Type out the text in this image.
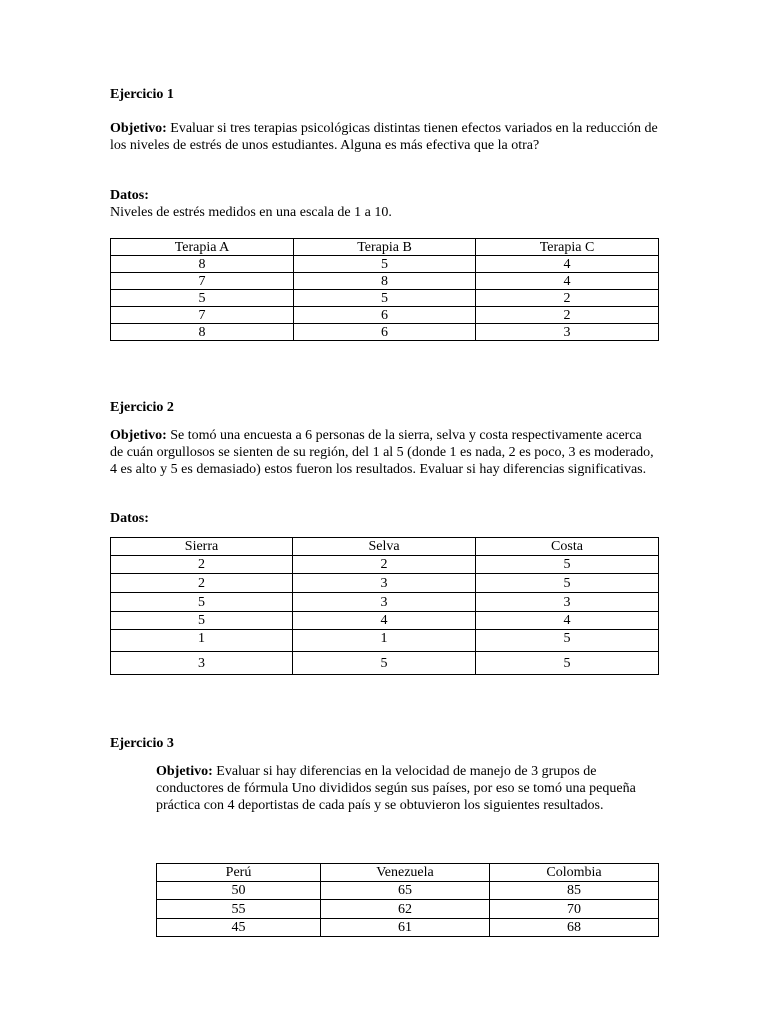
Ejercicio 1

Objetivo: Evaluar si tres terapias psicológicas distintas tienen efectos variados en la reducción de los niveles de estrés de unos estudiantes. Alguna es más efectiva que la otra?

Datos:

Niveles de estrés medidos en una escala de 1 a 10.

Terapia A	Terapia B	Terapia C
8	5	4
7	8	4
5	5	2
7	6	2
8	6	3

Ejercicio 2

Objetivo: Se tomó una encuesta a 6 personas de la sierra, selva y costa respectivamente acerca de cuán orgullosos se sienten de su región, del 1 al 5 (donde 1 es nada, 2 es poco, 3 es moderado, 4 es alto y 5 es demasiado) estos fueron los resultados. Evaluar si hay diferencias significativas.

Datos:

Sierra	Selva	Costa
2	2	5
2	3	5
5	3	3
5	4	4
1	1	5
3	5	5

Ejercicio 3

Objetivo: Evaluar si hay diferencias en la velocidad de manejo de 3 grupos de conductores de fórmula Uno divididos según sus países, por eso se tomó una pequeña práctica con 4 deportistas de cada país y se obtuvieron los siguientes resultados.

Perú	Venezuela	Colombia
50	65	85
55	62	70
45	61	68
